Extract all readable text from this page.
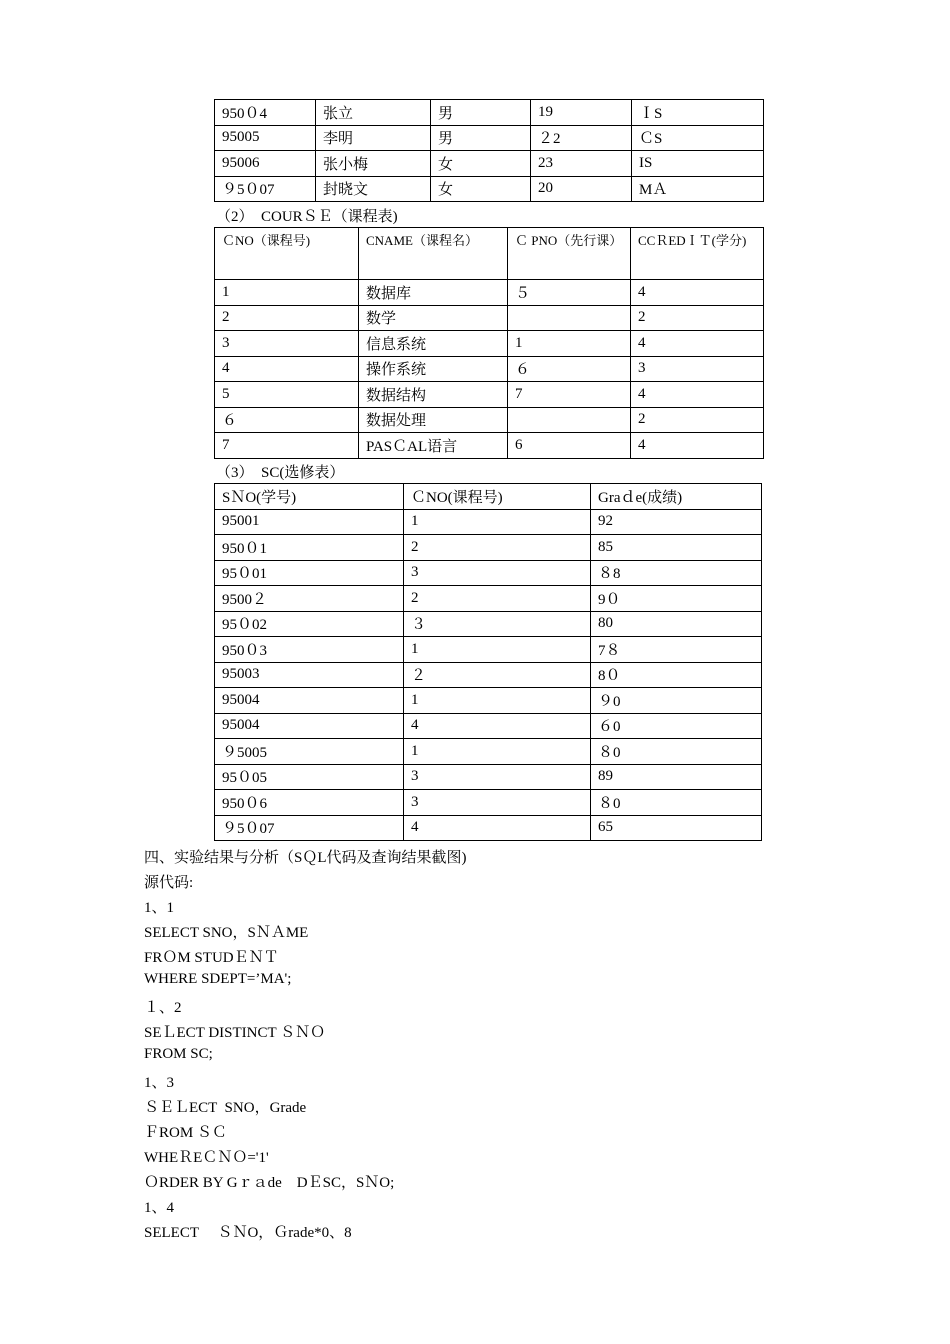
950０4	张立	男	19	ＩS
95005	李明	男	２2	ＣS
95006	张小梅	女	23	IS
９5０07	封晓文	女	20	MＡ
（2）　COURＳＥ（课程表)
ＣNO（课程号)	CNAME（课程名）	Ｃ PNO（先行课）	CCＲEDＩＴ(学分)
1	数据库	５	4
2	数学		2
3	信息系统	1	4
4	操作系统	６	3
5	数据结构	7	4
６	数据处理		2
7	PASＣAL语言	6	4
（3）　SC(选修表）
SＮO(学号)	ＣNO(课程号)	Graｄe(成绩)
95001	1	92
950０1	2	85
95０01	3	８8
9500２	2	9０
95０02	３	80
950０3	1	7８
95003	２	8０
95004	1	９0
95004	4	６0
９5005	1	８0
95０05	3	89
950０6	3	８0
９5０07	4	65
四、实验结果与分析（SＱL代码及查询结果截图)
源代码:
1、1
SELECT SNO，SＮＡME
FRＯM STUDＥＮＴ
WHERE SDEPT=’MA';
１、2
SEＬECT DISTINCT ＳＮＯ
FROM SC;
1、3
ＳＥＬECT  SNO，Grade
ＦROM ＳＣ
WHEＲEＣＮＯ='1'
ＯRDER BY Gｒａde　DＥSC，SＮO;
1、4
SELECT　 ＳＮO，Ｇrade*0、8
